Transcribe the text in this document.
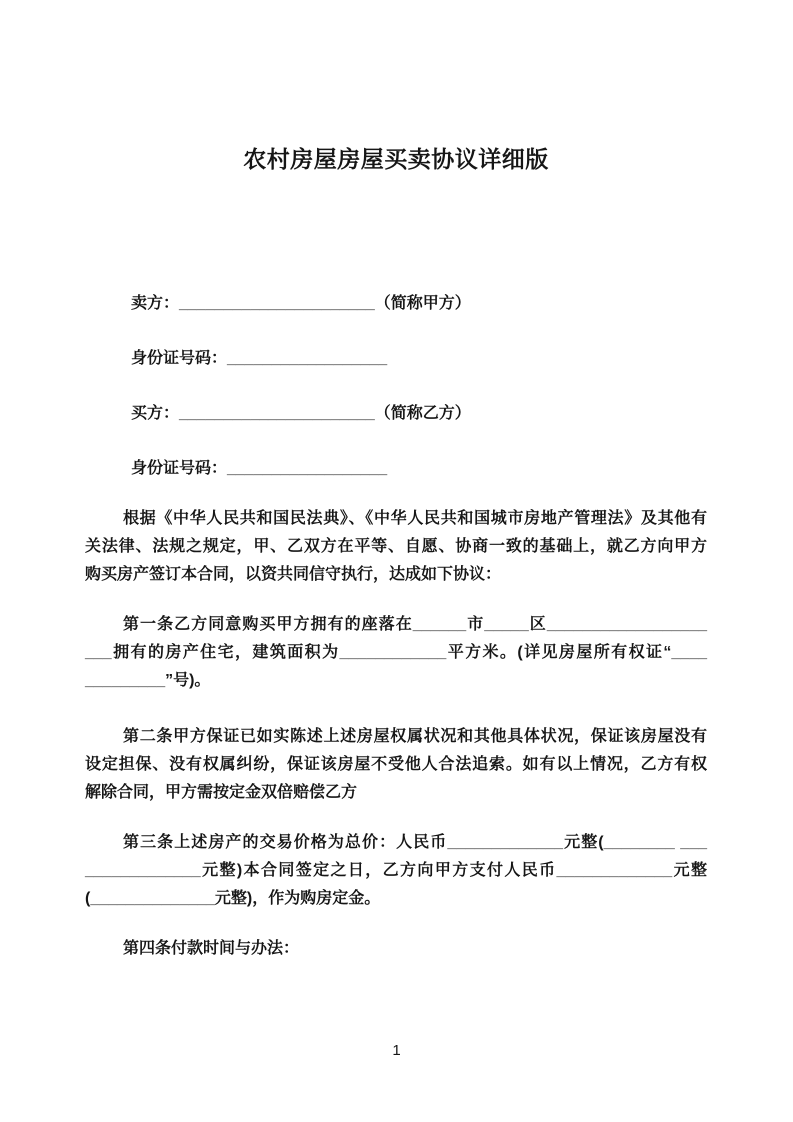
农村房屋房屋买卖协议详细版
卖方：______________________（简称甲方）
身份证号码：__________________
买方：______________________（简称乙方）
身份证号码：__________________
根据《中华人民共和国民法典》、《中华人民共和国城市房地产管理法》及其他有
关法律、法规之规定，甲、乙双方在平等、自愿、协商一致的基础上，就乙方向甲方
购买房产签订本合同，以资共同信守执行，达成如下协议：
第一条乙方同意购买甲方拥有的座落在______市_____区__________________
___拥有的房产住宅，建筑面积为____________平方米。(详见房屋所有权证“____
_________”号)。
第二条甲方保证已如实陈述上述房屋权属状况和其他具体状况，保证该房屋没有
设定担保、没有权属纠纷，保证该房屋不受他人合法追索。如有以上情况，乙方有权
解除合同，甲方需按定金双倍赔偿乙方
第三条上述房产的交易价格为总价：人民币_____________元整(________ ___
_____________元整)本合同签定之日，乙方向甲方支付人民币_____________元整
(______________元整)，作为购房定金。
第四条付款时间与办法：
1
